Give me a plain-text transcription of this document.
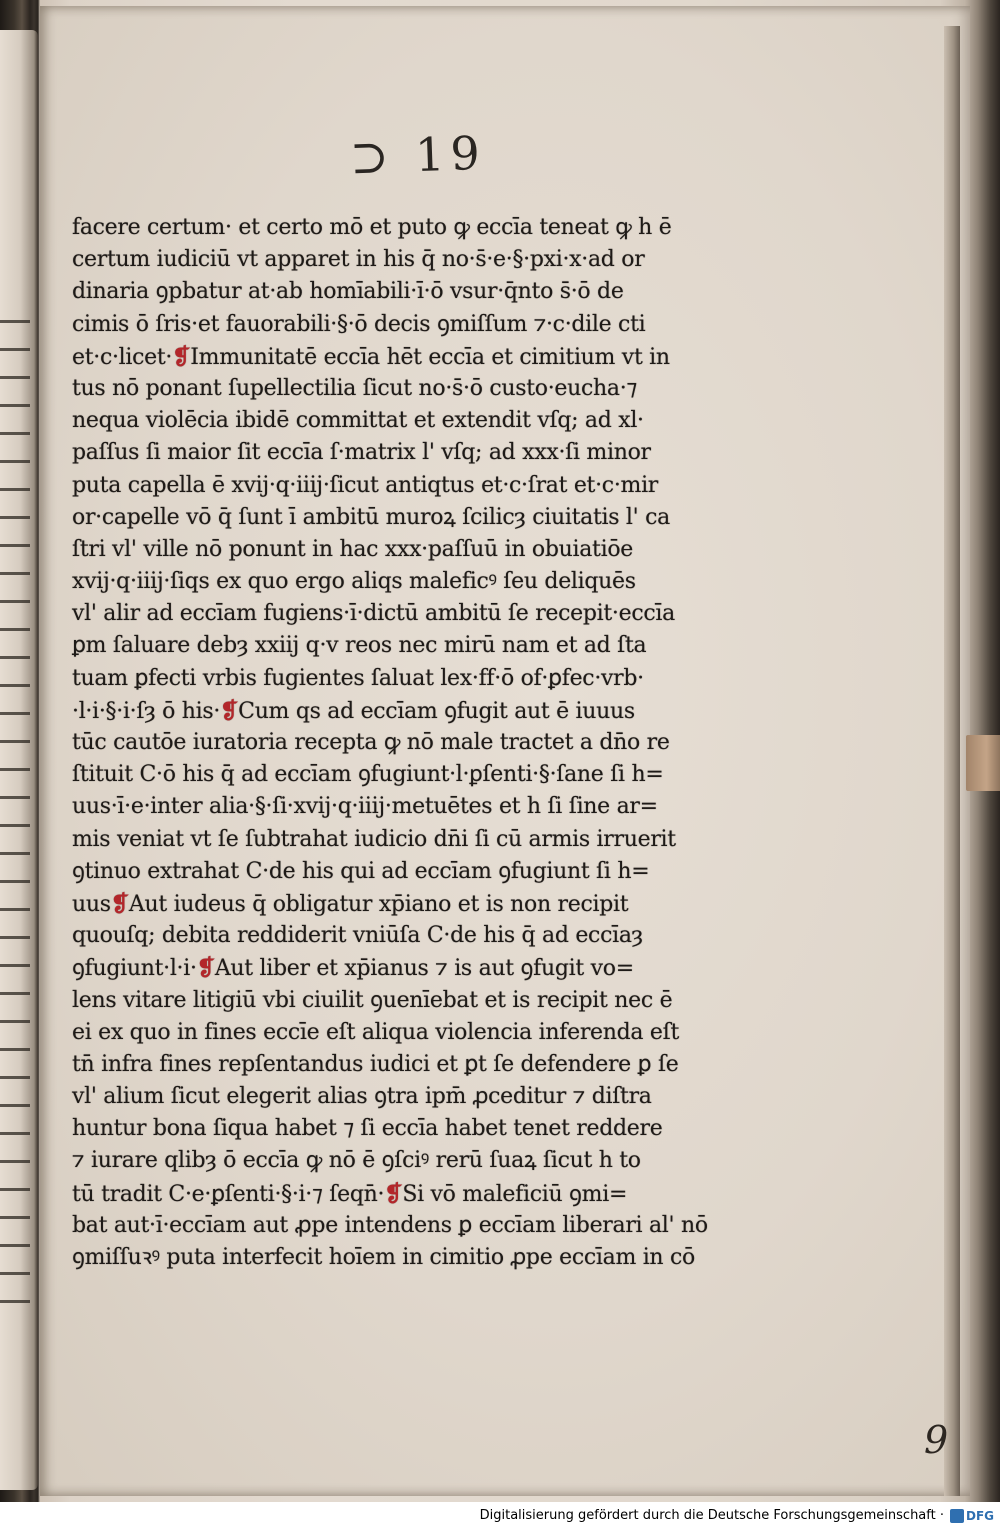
⊃ 19
facere certum· et certo mō et puto ꝙ eccīa teneat ꝙ h ē
certum iudiciū vt apparet in his q̄ no·s̄·e·§·pxi·x·ad or
dinaria ꝯpbatur at·ab homīabili·ī·ō vsur·q̄nto s̄·ō de
cimis ō ſris·et fauorabili·§·ō decis ꝯmiſſum ⁊·c·dile cti
et·c·licet·❡Immunitatē eccīa hēt eccīa et cimitium vt in
tus nō ponant ſupellectilia ſicut no·s̄·ō custo·eucha·⁊
nequa violēcia ibidē committat et extendit vſq; ad xl·
paſſus ſi maior ſit eccīa ſ·matrix l' vſq; ad xxx·ſi minor
puta capella ē xvij·q·iiij·ſicut antiqtus et·c·ſrat et·c·mir
or·capelle vō q̄ ſunt ī ambitū muroꝝ ſcilicȝ ciuitatis l' ca
ſtri vl' ville nō ponunt in hac xxx·paſſuū in obuiatiōe
xvij·q·iiij·ſiqs ex quo ergo aliqs maleficꝰ ſeu deliquēs
vl' alir ad eccīam fugiens·ī·dictū ambitū ſe recepit·eccīa
ꝑm ſaluare debȝ xxiij q·v reos nec mirū nam et ad ſta
tuam ꝑfecti vrbis fugientes ſaluat lex·ff·ō of·ꝑfec·vrb·
·l·i·§·i·ſȝ ō his·❡Cum qs ad eccīam ꝯfugit aut ē iuuus
tūc cautōe iuratoria recepta ꝙ nō male tractet a dn̄o re
ſtituit C·ō his q̄ ad eccīam ꝯfugiunt·l·ꝑſenti·§·ſane ſi h=
uus·ī·e·inter alia·§·ſi·xvij·q·iiij·metuētes et h ſi ſine ar=
mis veniat vt ſe ſubtrahat iudicio dn̄i ſi cū armis irruerit
ꝯtinuo extrahat C·de his qui ad eccīam ꝯfugiunt ſi h=
uus❡Aut iudeus q̄ obligatur xp̄iano et is non recipit
quouſq; debita reddiderit vniūſa C·de his q̄ ad eccīaȝ
ꝯfugiunt·l·i·❡Aut liber et xp̄ianus ⁊ is aut ꝯfugit vo=
lens vitare litigiū vbi ciuilit ꝯuenīebat et is recipit nec ē
ei ex quo in fines eccīe eſt aliqua violencia inferenda eſt
tn̄ infra fines repſentandus iudici et ꝑt ſe defendere ꝑ ſe
vl' alium ſicut elegerit alias ꝯtra ipm̄ ꝓceditur ⁊ diſtra
huntur bona ſiqua habet ⁊ ſi eccīa habet tenet reddere
⁊ iurare qlibȝ ō eccīa ꝙ nō ē ꝯſciꝰ rerū ſuaꝝ ſicut h to
tū tradit C·e·ꝑſenti·§·i·⁊ ſeqn̄·❡Si vō maleficiū ꝯmi=
bat aut·ī·eccīam aut ꝓpe intendens ꝑ eccīam liberari al' nō
ꝯmiſſuꝛꝰ puta interfecit hoīem in cimitio ꝓpe eccīam in cō
9
Digitalisierung gefördert durch die Deutsche Forschungsgemeinschaft · DFG
